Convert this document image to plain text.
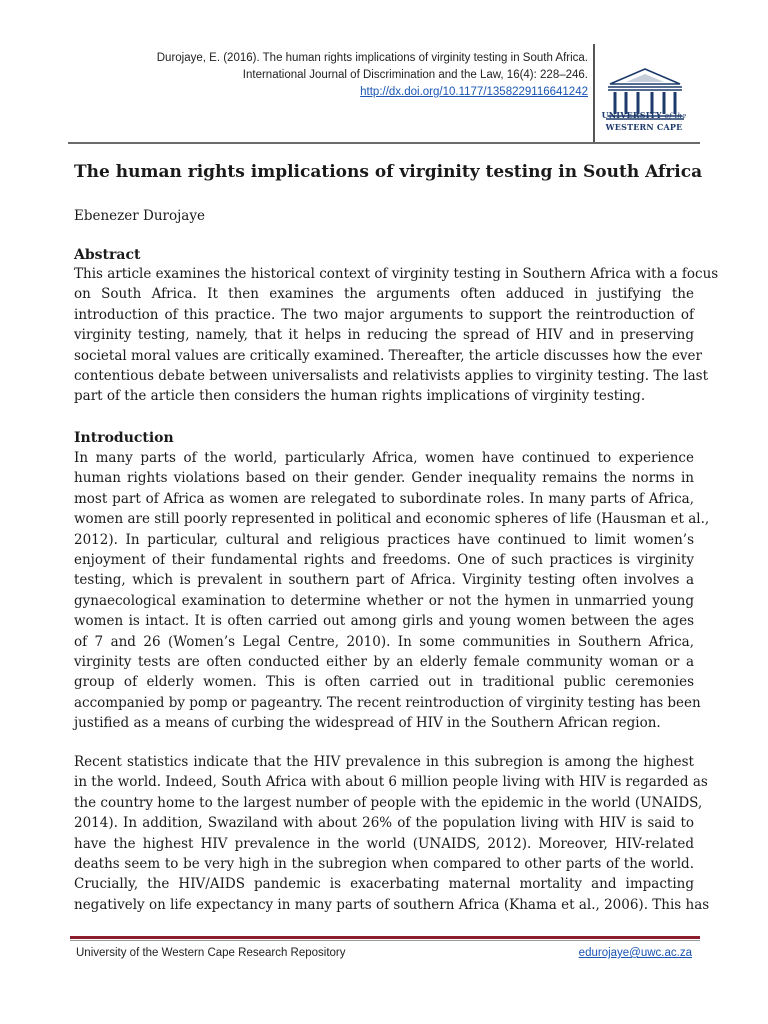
Durojaye, E. (2016). The human rights implications of virginity testing in South Africa.
International Journal of Discrimination and the Law, 16(4): 228–246.
http://dx.doi.org/10.1177/1358229116641242
UNIVERSITY of the
WESTERN CAPE
The human rights implications of virginity testing in South Africa
Ebenezer Durojaye
Abstract
This article examines the historical context of virginity testing in Southern Africa with a focus
on South Africa. It then examines the arguments often adduced in justifying the
introduction of this practice. The two major arguments to support the reintroduction of
virginity testing, namely, that it helps in reducing the spread of HIV and in preserving
societal moral values are critically examined. Thereafter, the article discusses how the ever
contentious debate between universalists and relativists applies to virginity testing. The last
part of the article then considers the human rights implications of virginity testing.
Introduction
In many parts of the world, particularly Africa, women have continued to experience
human rights violations based on their gender. Gender inequality remains the norms in
most part of Africa as women are relegated to subordinate roles. In many parts of Africa,
women are still poorly represented in political and economic spheres of life (Hausman et al.,
2012). In particular, cultural and religious practices have continued to limit women’s
enjoyment of their fundamental rights and freedoms. One of such practices is virginity
testing, which is prevalent in southern part of Africa. Virginity testing often involves a
gynaecological examination to determine whether or not the hymen in unmarried young
women is intact. It is often carried out among girls and young women between the ages
of 7 and 26 (Women’s Legal Centre, 2010). In some communities in Southern Africa,
virginity tests are often conducted either by an elderly female community woman or a
group of elderly women. This is often carried out in traditional public ceremonies
accompanied by pomp or pageantry. The recent reintroduction of virginity testing has been
justified as a means of curbing the widespread of HIV in the Southern African region.
Recent statistics indicate that the HIV prevalence in this subregion is among the highest
in the world. Indeed, South Africa with about 6 million people living with HIV is regarded as
the country home to the largest number of people with the epidemic in the world (UNAIDS,
2014). In addition, Swaziland with about 26% of the population living with HIV is said to
have the highest HIV prevalence in the world (UNAIDS, 2012). Moreover, HIV-related
deaths seem to be very high in the subregion when compared to other parts of the world.
Crucially, the HIV/AIDS pandemic is exacerbating maternal mortality and impacting
negatively on life expectancy in many parts of southern Africa (Khama et al., 2006). This has
University of the Western Cape Research Repository	edurojaye@uwc.ac.za
